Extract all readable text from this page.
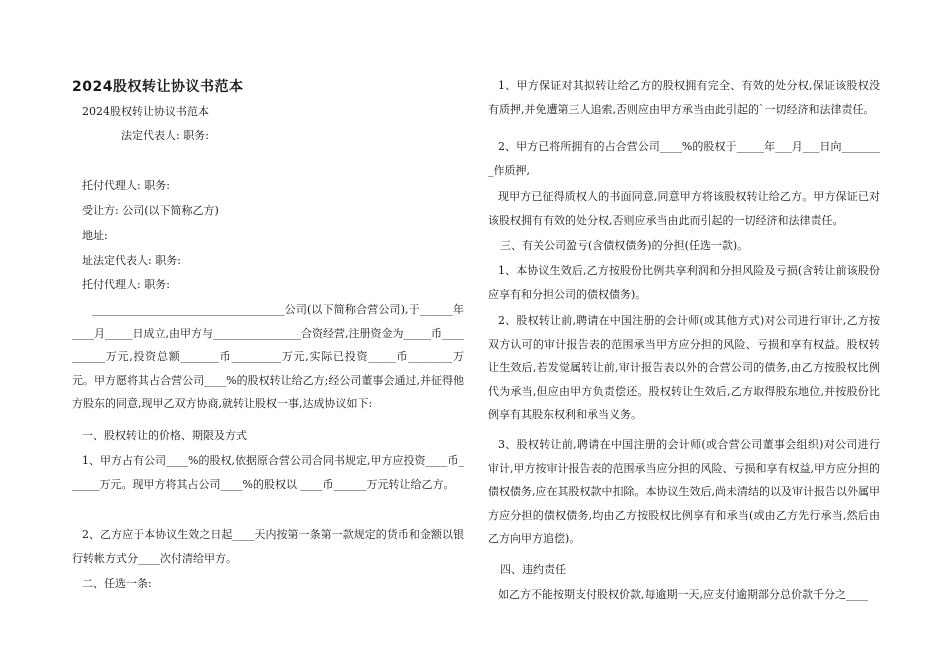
2024股权转让协议书范本
2024股权转让协议书范本
法定代表人: 职务:
托付代理人: 职务:
受让方: 公司(以下简称乙方)
地址:
址法定代表人: 职务:
托付代理人: 职务:
___________________________________公司(以下简称合营公司),于______年____月_____日成立,由甲方与________________合资经营,注册资金为_____币__________万元,投资总额_______币_________万元,实际已投资_____币________万元。甲方愿将其占合营公司____%的股权转让给乙方;经公司董事会通过,并征得他方股东的同意,现甲乙双方协商,就转让股权一事,达成协议如下:
一、股权转让的价格、期限及方式
1、甲方占有公司____%的股权,依据原合营公司合同书规定,甲方应投资____币______万元。现甲方将其占公司____%的股权以 ____币______万元转让给乙方。
2、乙方应于本协议生效之日起____天内按第一条第一款规定的货币和金额以银行转帐方式分____次付清给甲方。
二、任选一条:
1、甲方保证对其拟转让给乙方的股权拥有完全、有效的处分权,保证该股权没有质押,并免遭第三人追索,否则应由甲方承当由此引起的`一切经济和法律责任。
2、甲方已将所拥有的占合营公司____%的股权于_____年___月___日向________作质押,
现甲方已征得质权人的书面同意,同意甲方将该股权转让给乙方。甲方保证已对该股权拥有有效的处分权,否则应承当由此而引起的一切经济和法律责任。
三、有关公司盈亏(含债权债务)的分担(任选一款)。
1、本协议生效后,乙方按股份比例共享利润和分担风险及亏损(含转让前该股份应享有和分担公司的债权债务)。
2、股权转让前,聘请在中国注册的会计师(或其他方式)对公司进行审计,乙方按双方认可的审计报告表的范围承当甲方应分担的风险、亏损和享有权益。股权转让生效后,若发觉属转让前,审计报告表以外的合营公司的债务,由乙方按股权比例代为承当,但应由甲方负责偿还。股权转让生效后,乙方取得股东地位,并按股份比例享有其股东权利和承当义务。
3、股权转让前,聘请在中国注册的会计师(或合营公司董事会组织)对公司进行审计,甲方按审计报告表的范围承当应分担的风险、亏损和享有权益,甲方应分担的债权债务,应在其股权款中扣除。本协议生效后,尚未清结的以及审计报告以外属甲方应分担的债权债务,均由乙方按股权比例享有和承当(或由乙方先行承当,然后由乙方向甲方追偿)。
四、违约责任
如乙方不能按期支付股权价款,每逾期一天,应支付逾期部分总价款千分之____
